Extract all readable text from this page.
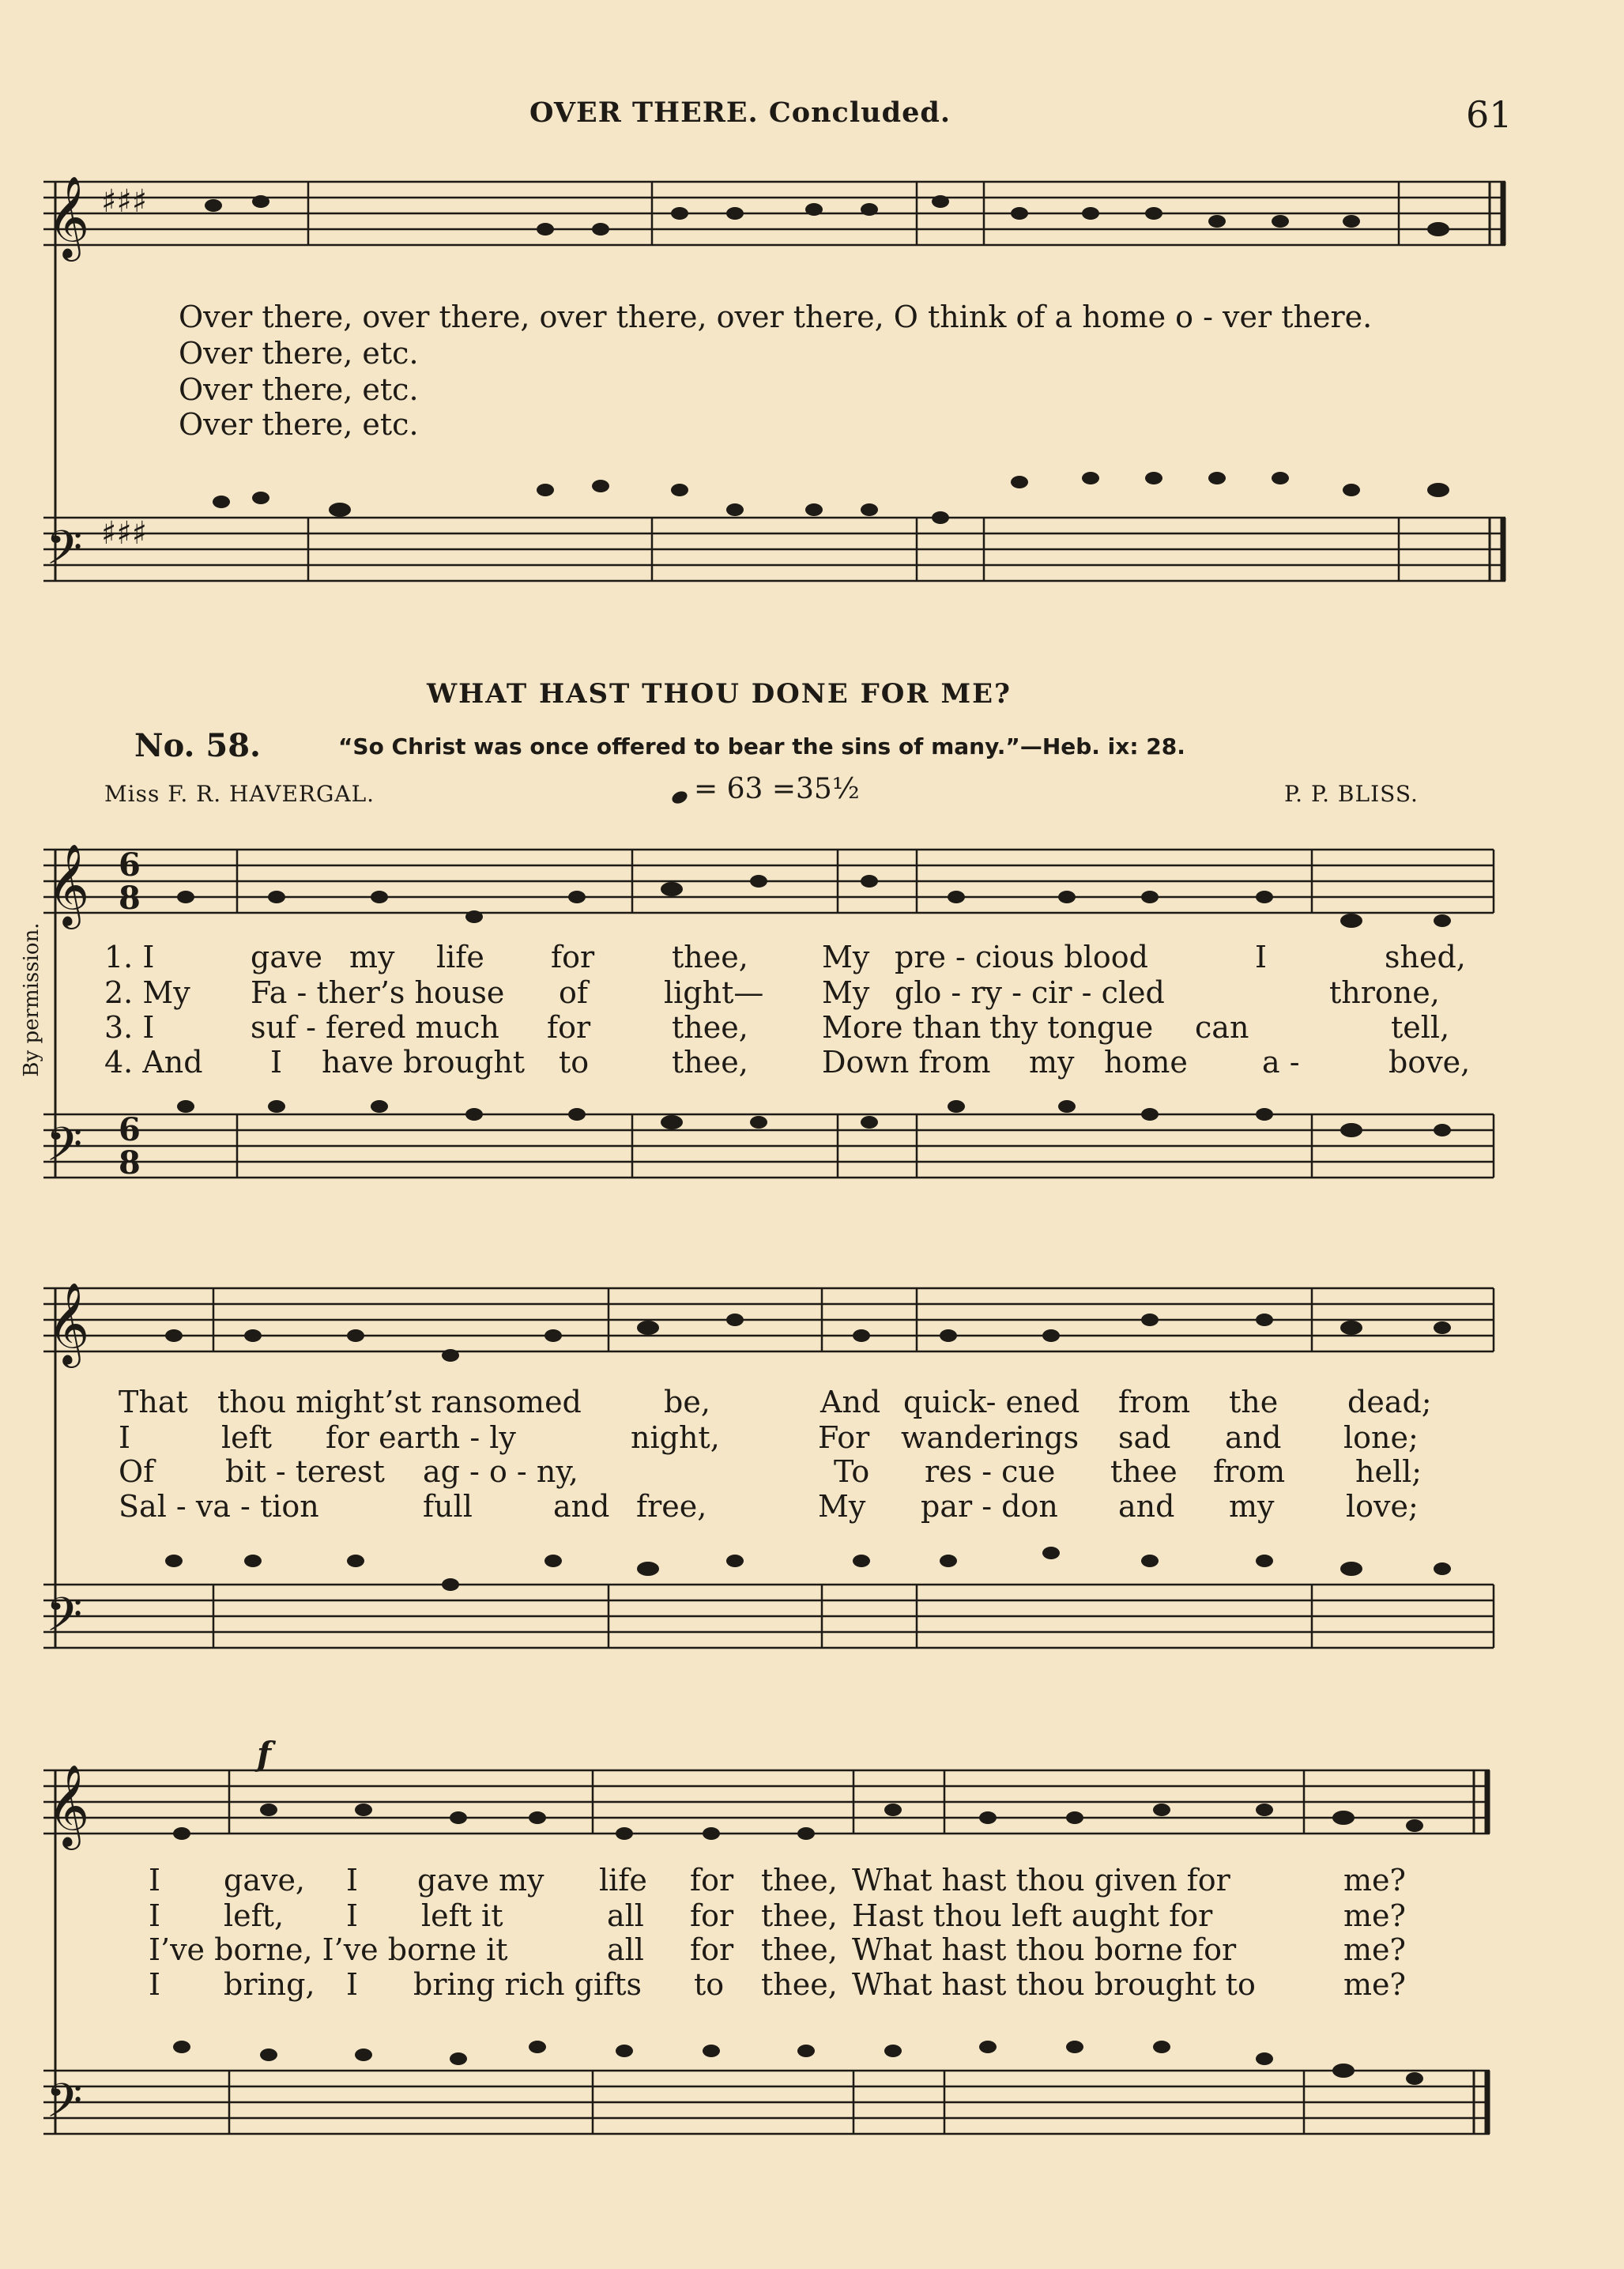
OVER THERE. Concluded.	61
𝄞
𝄢
𝄞
𝄢
𝄞
𝄢
𝄞
𝄢
♯♯♯
♯♯♯
6
8
6
8
Over there, over there, over there, over there, O think of a home o - ver there.
Over there, etc.
Over there, etc.
Over there, etc.
WHAT HAST THOU DONE FOR ME?
No. 58.	“So Christ was once offered to bear the sins of many.”—Heb. ix: 28.
Miss F. R. HAVERGAL.	= 63 =35½	P. P. BLISS.
By permission.
f
1. I	gave my life for	thee, My pre - cious blood	I	shed,
2. My Fa - ther’s house of	light— My glo - ry - cir - cled	throne,
3. I	suf - fered much for	thee, More than thy tongue can	tell,
4. And I have brought to	thee, Down from my home a -	bove,
That thou might’st ransomed	be,	And quick- ened from the dead;
I	left for earth - ly	night,	For wanderings sad and lone;
Of bit - terest ag - o - ny,	To res - cue thee from hell;
Sal - va - tion	full	and free,	My par - don and my love;
I gave, I gave my life for thee, What hast thou given for	me?
I left, I left it	all for thee, Hast thou left aught for	me?
I’ve borne, I’ve borne it	all for thee, What hast thou borne for	me?
I bring, I bring rich gifts to thee, What hast thou brought to	me?
